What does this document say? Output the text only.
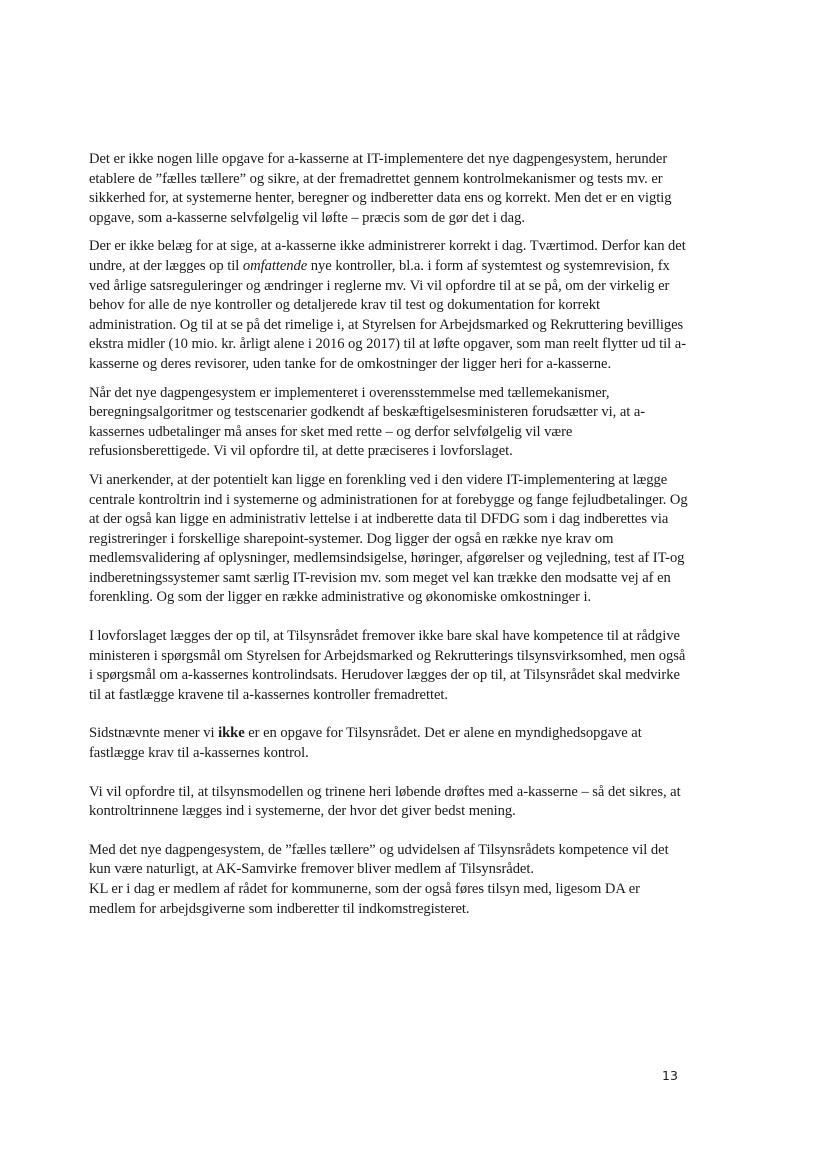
Det er ikke nogen lille opgave for a-kasserne at IT-implementere det nye dagpengesystem, herunder etablere de ”fælles tællere” og sikre, at der fremadrettet gennem kontrolmekanismer og tests mv. er sikkerhed for, at systemerne henter, beregner og indberetter data ens og korrekt. Men det er en vigtig opgave, som a-kasserne selvfølgelig vil løfte – præcis som de gør det i dag.

Der er ikke belæg for at sige, at a-kasserne ikke administrerer korrekt i dag. Tværtimod. Derfor kan det undre, at der lægges op til omfattende nye kontroller, bl.a. i form af systemtest og systemrevision, fx ved årlige satsreguleringer og ændringer i reglerne mv. Vi vil opfordre til at se på, om der virkelig er behov for alle de nye kontroller og detaljerede krav til test og dokumentation for korrekt administration. Og til at se på det rimelige i, at Styrelsen for Arbejdsmarked og Rekruttering bevilliges ekstra midler (10 mio. kr. årligt alene i 2016 og 2017) til at løfte opgaver, som man reelt flytter ud til a-kasserne og deres revisorer, uden tanke for de omkostninger der ligger heri for a-kasserne.

Når det nye dagpengesystem er implementeret i overensstemmelse med tællemekanismer, beregningsalgoritmer og testscenarier godkendt af beskæftigelsesministeren forudsætter vi, at a-kassernes udbetalinger må anses for sket med rette – og derfor selvfølgelig vil være refusionsberettigede. Vi vil opfordre til, at dette præciseres i lovforslaget.

Vi anerkender, at der potentielt kan ligge en forenkling ved i den videre IT-implementering at lægge centrale kontroltrin ind i systemerne og administrationen for at forebygge og fange fejludbetalinger. Og at der også kan ligge en administrativ lettelse i at indberette data til DFDG som i dag indberettes via registreringer i forskellige sharepoint-systemer. Dog ligger der også en række nye krav om medlemsvalidering af oplysninger, medlemsindsigelse, høringer, afgørelser og vejledning, test af IT-og indberetningssystemer samt særlig IT-revision mv. som meget vel kan trække den modsatte vej af en forenkling. Og som der ligger en række administrative og økonomiske omkostninger i.

I lovforslaget lægges der op til, at Tilsynsrådet fremover ikke bare skal have kompetence til at rådgive ministeren i spørgsmål om Styrelsen for Arbejdsmarked og Rekrutterings tilsynsvirksomhed, men også i spørgsmål om a-kassernes kontrolindsats. Herudover lægges der op til, at Tilsynsrådet skal medvirke til at fastlægge kravene til a-kassernes kontroller fremadrettet.

Sidstnævnte mener vi ikke er en opgave for Tilsynsrådet. Det er alene en myndighedsopgave at fastlægge krav til a-kassernes kontrol.

Vi vil opfordre til, at tilsynsmodellen og trinene heri løbende drøftes med a-kasserne – så det sikres, at kontroltrinnene lægges ind i systemerne, der hvor det giver bedst mening.

Med det nye dagpengesystem, de ”fælles tællere” og udvidelsen af Tilsynsrådets kompetence vil det kun være naturligt, at AK-Samvirke fremover bliver medlem af Tilsynsrådet.
KL er i dag er medlem af rådet for kommunerne, som der også føres tilsyn med, ligesom DA er medlem for arbejdsgiverne som indberetter til indkomstregisteret.

13
